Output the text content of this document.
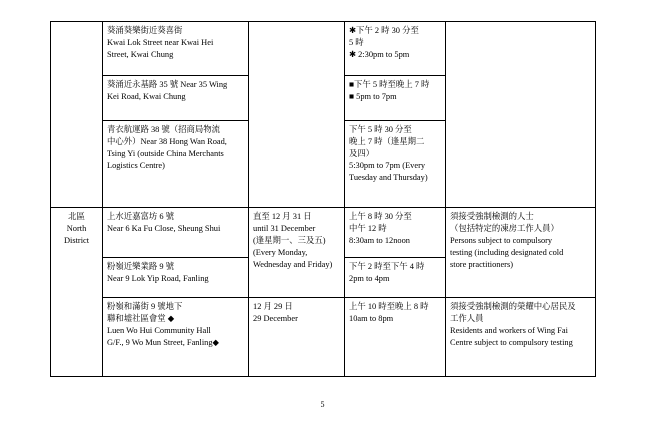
	葵涌葵樂街近葵喜街
Kwai Lok Street near Kwai Hei
Street, Kwai Chung		✱下午 2 時 30 分至
5 時
✱ 2:30pm to 5pm	

	葵涌近永基路 35 號 Near 35 Wing
Kei Road, Kwai Chung		■下午 5 時至晚上 7 時
■ 5pm to 7pm	

	青衣航運路 38 號（招商局物流
中心外）Near 38 Hong Wan Road,
Tsing Yi (outside China Merchants
Logistics Centre)		下午 5 時 30 分至
晚上 7 時（逢星期二
及四）
5:30pm to 7pm (Every
Tuesday and Thursday)	

北區
North
District	上水近嘉富坊 6 號
Near 6 Ka Fu Close, Sheung Shui	直至 12 月 31 日
until 31 December
(逢星期一、三及五)
(Every Monday,
Wednesday and Friday)	上午 8 時 30 分至
中午 12 時
8:30am to 12noon	須接受強制檢測的人士
（包括特定的凍房工作人員）
Persons subject to compulsory
testing (including designated cold
store practitioners)

	粉嶺近樂業路 9 號
Near 9 Lok Yip Road, Fanling		下午 2 時至下午 4 時
2pm to 4pm	

	粉嶺和滿街 9 號地下
聯和墟社區會堂 ◆
Luen Wo Hui Community Hall
G/F., 9 Wo Mun Street, Fanling◆	12 月 29 日
29 December	上午 10 時至晚上 8 時
10am to 8pm	須接受強制檢測的榮耀中心居民及
工作人員
Residents and workers of Wing Fai
Centre subject to compulsory testing
5
